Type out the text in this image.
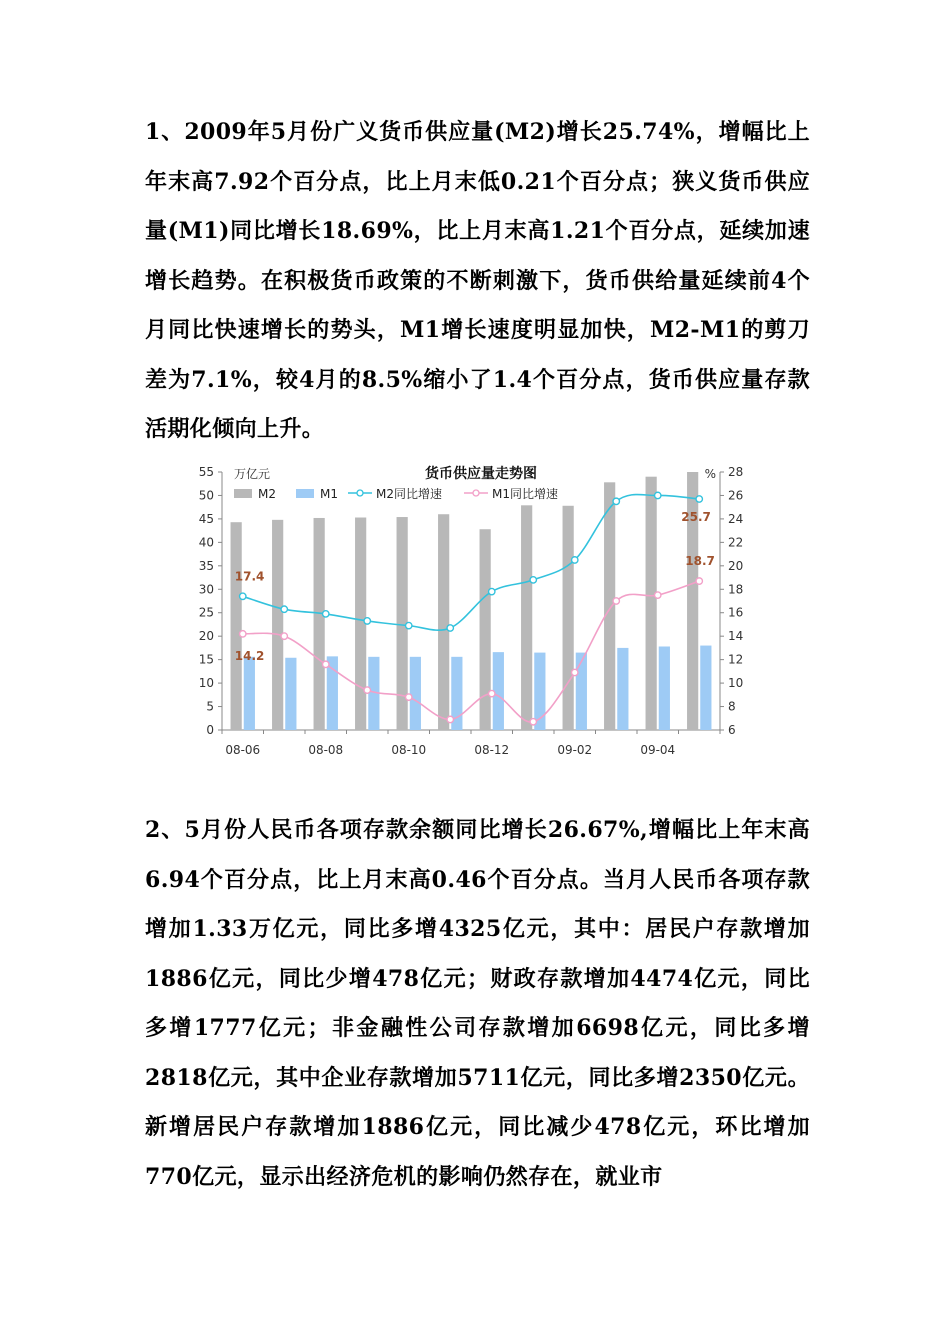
1、2009年5月份广义货币供应量(M2)增长25.74%，增幅比上年末高7.92个百分点，比上月末低0.21个百分点；狭义货币供应量(M1)同比增长18.69%，比上月末高1.21个百分点，延续加速增长趋势。在积极货币政策的不断刺激下，货币供给量延续前4个月同比快速增长的势头，M1增长速度明显加快，M2-M1的剪刀差为7.1%，较4月的8.5%缩小了1.4个百分点，货币供应量存款活期化倾向上升。

0
5
10
15
20
25
30
35
40
45
50
55
6
8
10
12
14
16
18
20
22
24
26
28
08-06	08-08	08-10	08-12	09-02	09-04
17.4
14.2
25.7
18.7
货币供应量走势图
万亿元	%
M2	M1	M2同比增速	M1同比增速

2、5月份人民币各项存款余额同比增长26.67%,增幅比上年末高6.94个百分点，比上月末高0.46个百分点。当月人民币各项存款增加1.33万亿元，同比多增4325亿元，其中：居民户存款增加1886亿元，同比少增478亿元；财政存款增加4474亿元，同比多增1777亿元；非金融性公司存款增加6698亿元，同比多增2818亿元，其中企业存款增加5711亿元，同比多增2350亿元。新增居民户存款增加1886亿元，同比减少478亿元，环比增加770亿元，显示出经济危机的影响仍然存在，就业市
